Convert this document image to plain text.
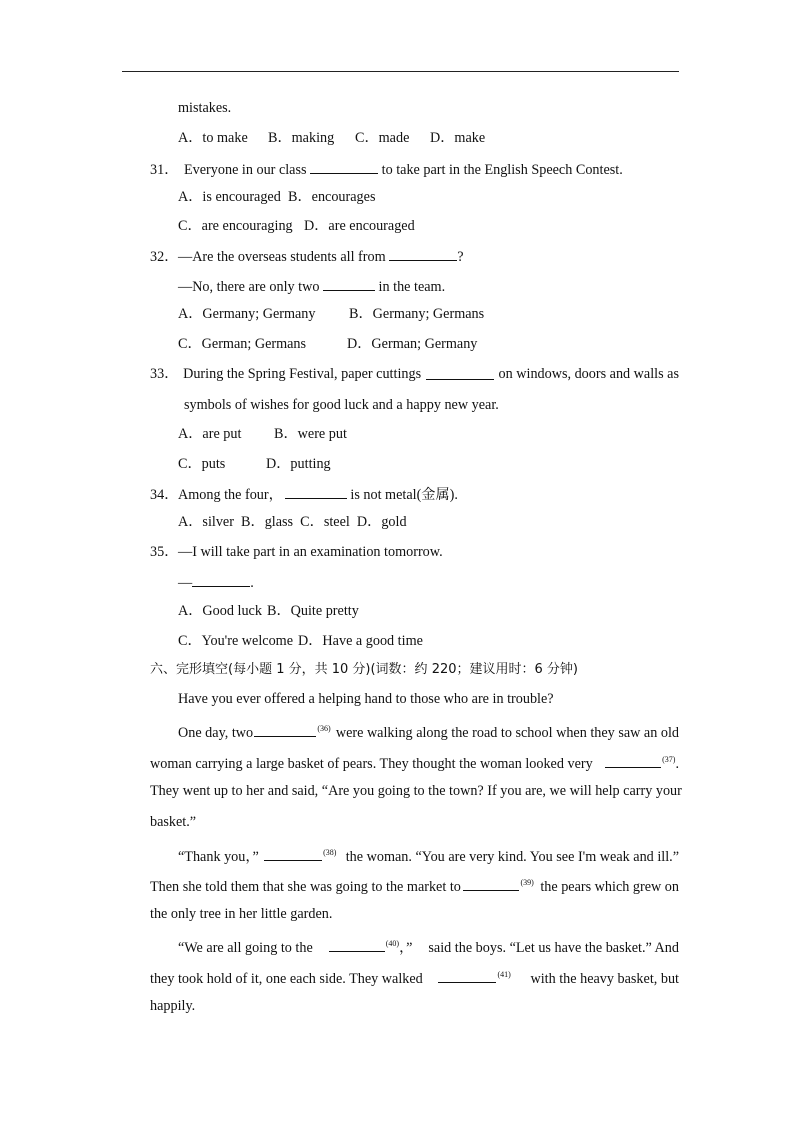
mistakes.
A．to make B．making C．made D．make
31． Everyone in our class	to take part in the English Speech Contest.
A．is encouraged B．encourages
C．are encouraging D．are encouraged
32．—Are the overseas students all from	?
—No, there are only two	in the team.
A．Germany; Germany B．Germany; Germans
C．German; Germans	D．German; Germany
33． During the Spring Festival, paper cuttings	on windows, doors and walls as
symbols of wishes for good luck and a happy new year.
A．are put B．were put
C．puts	D．putting
34．Among the four，	is not metal(金属).
A．silver  B．glass  C．steel  D．gold
35．—I will take part in an examination tomorrow.
—	.
A．Good luck B．Quite pretty
C．You're welcome D．Have a good time
六、完形填空(每小题 1 分，共 10 分)(词数：约 220；建议用时：6 分钟)
Have you ever offered a helping hand to those who are in trouble?
One day, two	$^{(36)}$ were walking along the road to school when they saw an old
woman carrying a large basket of pears. They thought the woman looked very	$^{(37)}$.
They went up to her and said, “Are you going to the town? If you are, we will help carry your
basket.”
“Thank you，”	$^{(38)}$ the woman. “You are very kind. You see I'm weak and ill.”
Then she told them that she was going to the market to	$^{(39)}$ the pears which grew on
the only tree in her little garden.
“We are all going to the	$^{(40)}$，” said the boys. “Let us have the basket.” And
they took hold of it, one each side. They walked	$^{(41)}$ with the heavy basket, but
happily.
